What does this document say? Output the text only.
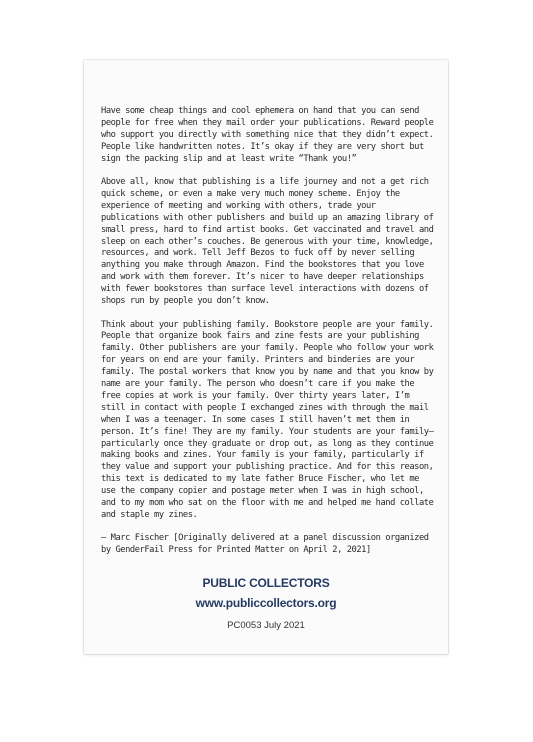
Have some cheap things and cool ephemera on hand that you can send people for free when they mail order your publications. Reward people who support you directly with something nice that they didn’t expect. People like handwritten notes. It’s okay if they are very short but sign the packing slip and at least write “Thank you!”

Above all, know that publishing is a life journey and not a get rich quick scheme, or even a make very much money scheme. Enjoy the experience of meeting and working with others, trade your publications with other publishers and build up an amazing library of small press, hard to find artist books. Get vaccinated and travel and sleep on each other’s couches. Be generous with your time, knowledge, resources, and work. Tell Jeff Bezos to fuck off by never selling anything you make through Amazon. Find the bookstores that you love and work with them forever. It’s nicer to have deeper relationships with fewer bookstores than surface level interactions with dozens of shops run by people you don’t know.

Think about your publishing family. Bookstore people are your family. People that organize book fairs and zine fests are your publishing family. Other publishers are your family. People who follow your work for years on end are your family. Printers and binderies are your family. The postal workers that know you by name and that you know by name are your family. The person who doesn’t care if you make the free copies at work is your family. Over thirty years later, I’m still in contact with people I exchanged zines with through the mail when I was a teenager. In some cases I still haven’t met them in person. It’s fine! They are my family. Your students are your family—particularly once they graduate or drop out, as long as they continue making books and zines. Your family is your family, particularly if they value and support your publishing practice. And for this reason, this text is dedicated to my late father Bruce Fischer, who let me use the company copier and postage meter when I was in high school, and to my mom who sat on the floor with me and helped me hand collate and staple my zines.

— Marc Fischer [Originally delivered at a panel discussion organized by GenderFail Press for Printed Matter on April 2, 2021]

PUBLIC COLLECTORS
www.publiccollectors.org
PC0053 July 2021
